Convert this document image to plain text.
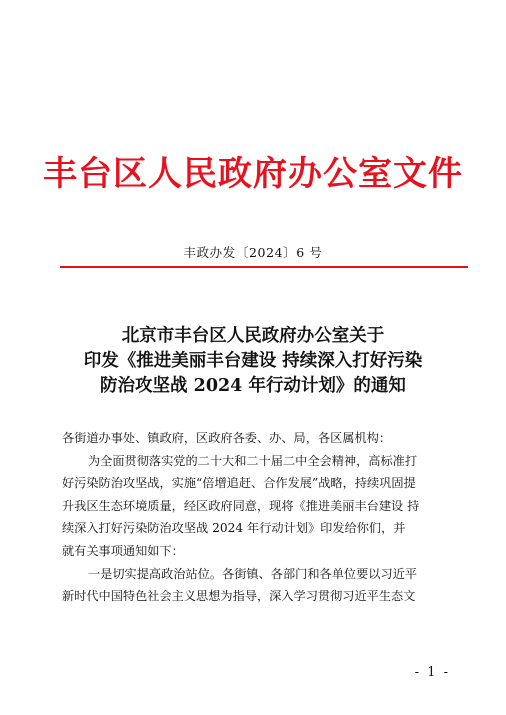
丰台区人民政府办公室文件
丰政办发〔2024〕6 号
北京市丰台区人民政府办公室关于
印发《推进美丽丰台建设 持续深入打好污染
防治攻坚战 2024 年行动计划》的通知
各街道办事处、镇政府，区政府各委、办、局，各区属机构：
为全面贯彻落实党的二十大和二十届二中全会精神，高标准打
好污染防治攻坚战，实施“倍增追赶、合作发展”战略，持续巩固提
升我区生态环境质量，经区政府同意，现将《推进美丽丰台建设 持
续深入打好污染防治攻坚战 2024 年行动计划》印发给你们，并
就有关事项通知如下：
一是切实提高政治站位。各街镇、各部门和各单位要以习近平
新时代中国特色社会主义思想为指导，深入学习贯彻习近平生态文
- 1 -
